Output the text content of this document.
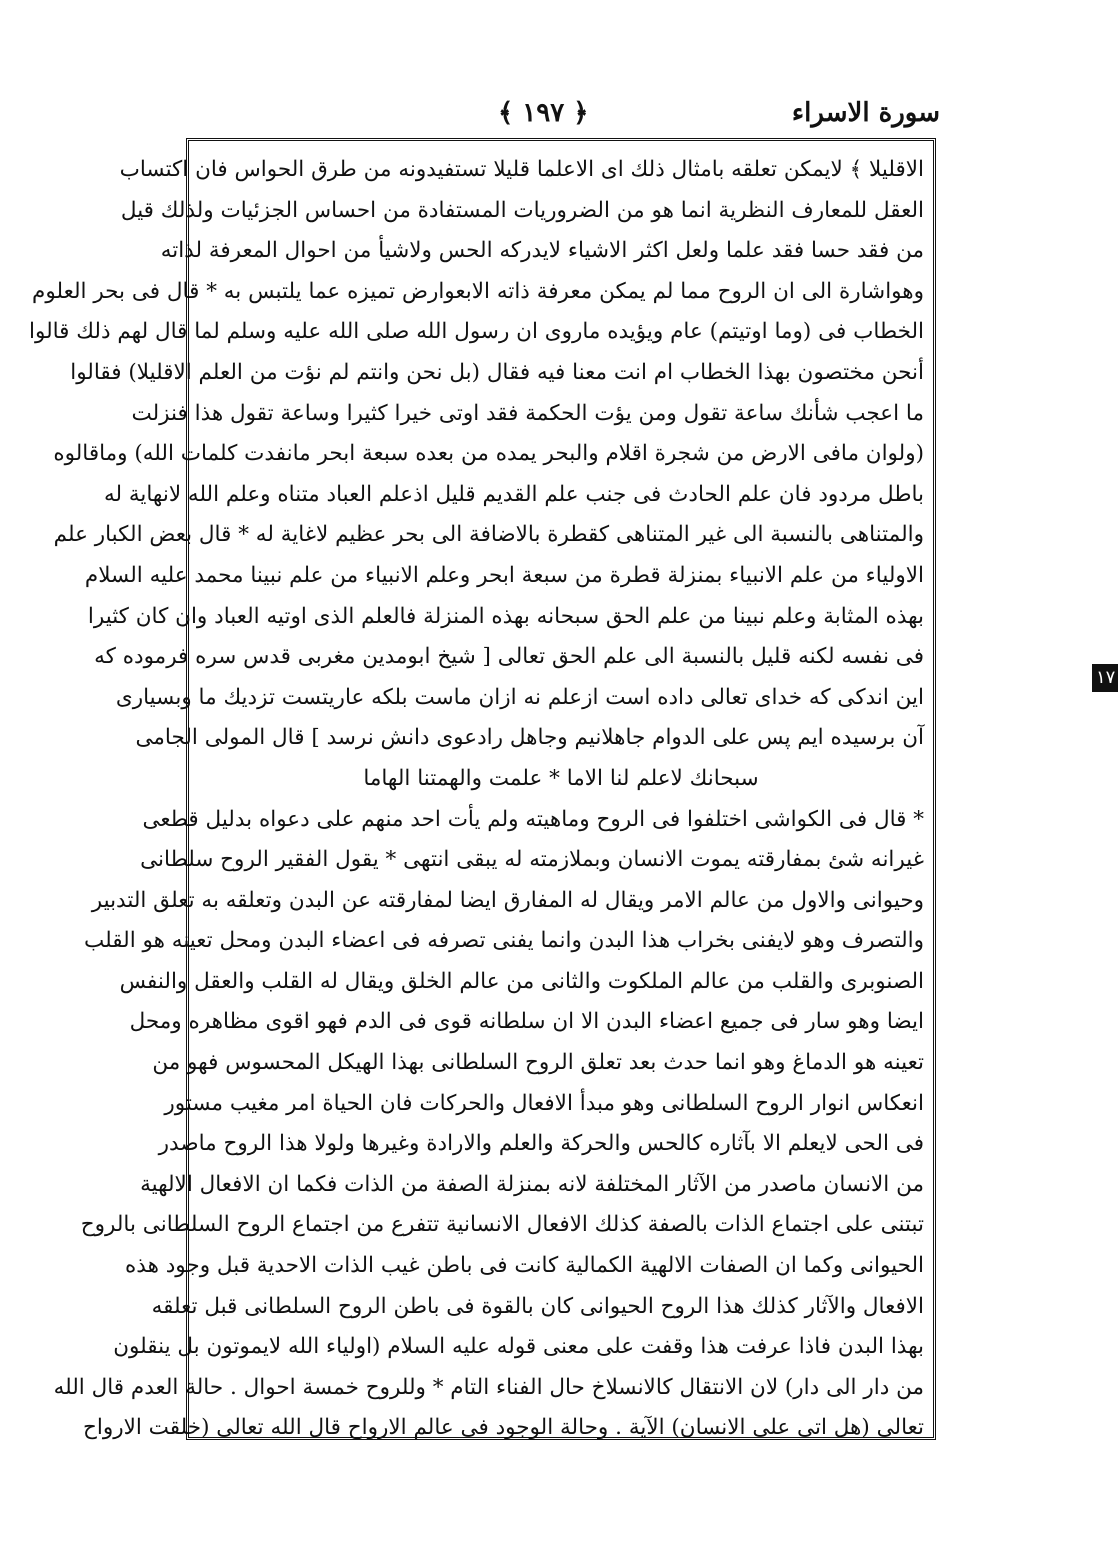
﴿ ١٩٧ ﴾	سورة الاسراء
الاقليلا ﴾ لايمكن تعلقه بامثال ذلك اى الاعلما قليلا تستفيدونه من طرق الحواس فان اكتساب
العقل للمعارف النظرية انما هو من الضروريات المستفادة من احساس الجزئيات ولذلك قيل
من فقد حسا فقد علما ولعل اكثر الاشياء لايدركه الحس ولاشيأ من احوال المعرفة لذاته
وهواشارة الى ان الروح مما لم يمكن معرفة ذاته الابعوارض تميزه عما يلتبس به * قال فى بحر العلوم
الخطاب فى (وما اوتيتم) عام ويؤيده ماروى ان رسول الله صلى الله عليه وسلم لما قال لهم ذلك قالوا
أنحن مختصون بهذا الخطاب ام انت معنا فيه فقال (بل نحن وانتم لم نؤت من العلم الاقليلا) فقالوا
ما اعجب شأنك ساعة تقول ومن يؤت الحكمة فقد اوتى خيرا كثيرا وساعة تقول هذا فنزلت
(ولوان مافى الارض من شجرة اقلام والبحر يمده من بعده سبعة ابحر مانفدت كلمات الله) وماقالوه
باطل مردود فان علم الحادث فى جنب علم القديم قليل اذعلم العباد متناه وعلم الله لانهاية له
والمتناهى بالنسبة الى غير المتناهى كقطرة بالاضافة الى بحر عظيم لاغاية له * قال بعض الكبار علم
الاولياء من علم الانبياء بمنزلة قطرة من سبعة ابحر وعلم الانبياء من علم نبينا محمد عليه السلام
بهذه المثابة وعلم نبينا من علم الحق سبحانه بهذه المنزلة فالعلم الذى اوتيه العباد وان كان كثيرا
فى نفسه لكنه قليل بالنسبة الى علم الحق تعالى [ شيخ ابومدين مغربى قدس سره فرموده كه
اين اندكى كه خداى تعالى داده است ازعلم نه ازان ماست بلكه عاريتست تزديك ما وبسيارى
آن برسيده ايم پس على الدوام جاهلانيم وجاهل رادعوى دانش نرسد ] قال المولى الجامى
سبحانك لاعلم لنا الاما * علمت والهمتنا الهاما
* قال فى الكواشى اختلفوا فى الروح وماهيته ولم يأت احد منهم على دعواه بدليل قطعى
غيرانه شئ بمفارقته يموت الانسان وبملازمته له يبقى انتهى * يقول الفقير الروح سلطانى
وحيوانى والاول من عالم الامر ويقال له المفارق ايضا لمفارقته عن البدن وتعلقه به تعلق التدبير
والتصرف وهو لايفنى بخراب هذا البدن وانما يفنى تصرفه فى اعضاء البدن ومحل تعينه هو القلب
الصنوبرى والقلب من عالم الملكوت والثانى من عالم الخلق ويقال له القلب والعقل والنفس
ايضا وهو سار فى جميع اعضاء البدن الا ان سلطانه قوى فى الدم فهو اقوى مظاهره ومحل
تعينه هو الدماغ وهو انما حدث بعد تعلق الروح السلطانى بهذا الهيكل المحسوس فهو من
انعكاس انوار الروح السلطانى وهو مبدأ الافعال والحركات فان الحياة امر مغيب مستور
فى الحى لايعلم الا بآثاره كالحس والحركة والعلم والارادة وغيرها ولولا هذا الروح ماصدر
من الانسان ماصدر من الآثار المختلفة لانه بمنزلة الصفة من الذات فكما ان الافعال الالهية
تبتنى على اجتماع الذات بالصفة كذلك الافعال الانسانية تتفرع من اجتماع الروح السلطانى بالروح
الحيوانى وكما ان الصفات الالهية الكمالية كانت فى باطن غيب الذات الاحدية قبل وجود هذه
الافعال والآثار كذلك هذا الروح الحيوانى كان بالقوة فى باطن الروح السلطانى قبل تعلقه
بهذا البدن فاذا عرفت هذا وقفت على معنى قوله عليه السلام (اولياء الله لايموتون بل ينقلون
من دار الى دار) لان الانتقال كالانسلاخ حال الفناء التام * وللروح خمسة احوال . حالة العدم قال الله
تعالى (هل اتى على الانسان) الآية . وحالة الوجود فى عالم الارواح قال الله تعالى (خلقت الارواح
١٧
